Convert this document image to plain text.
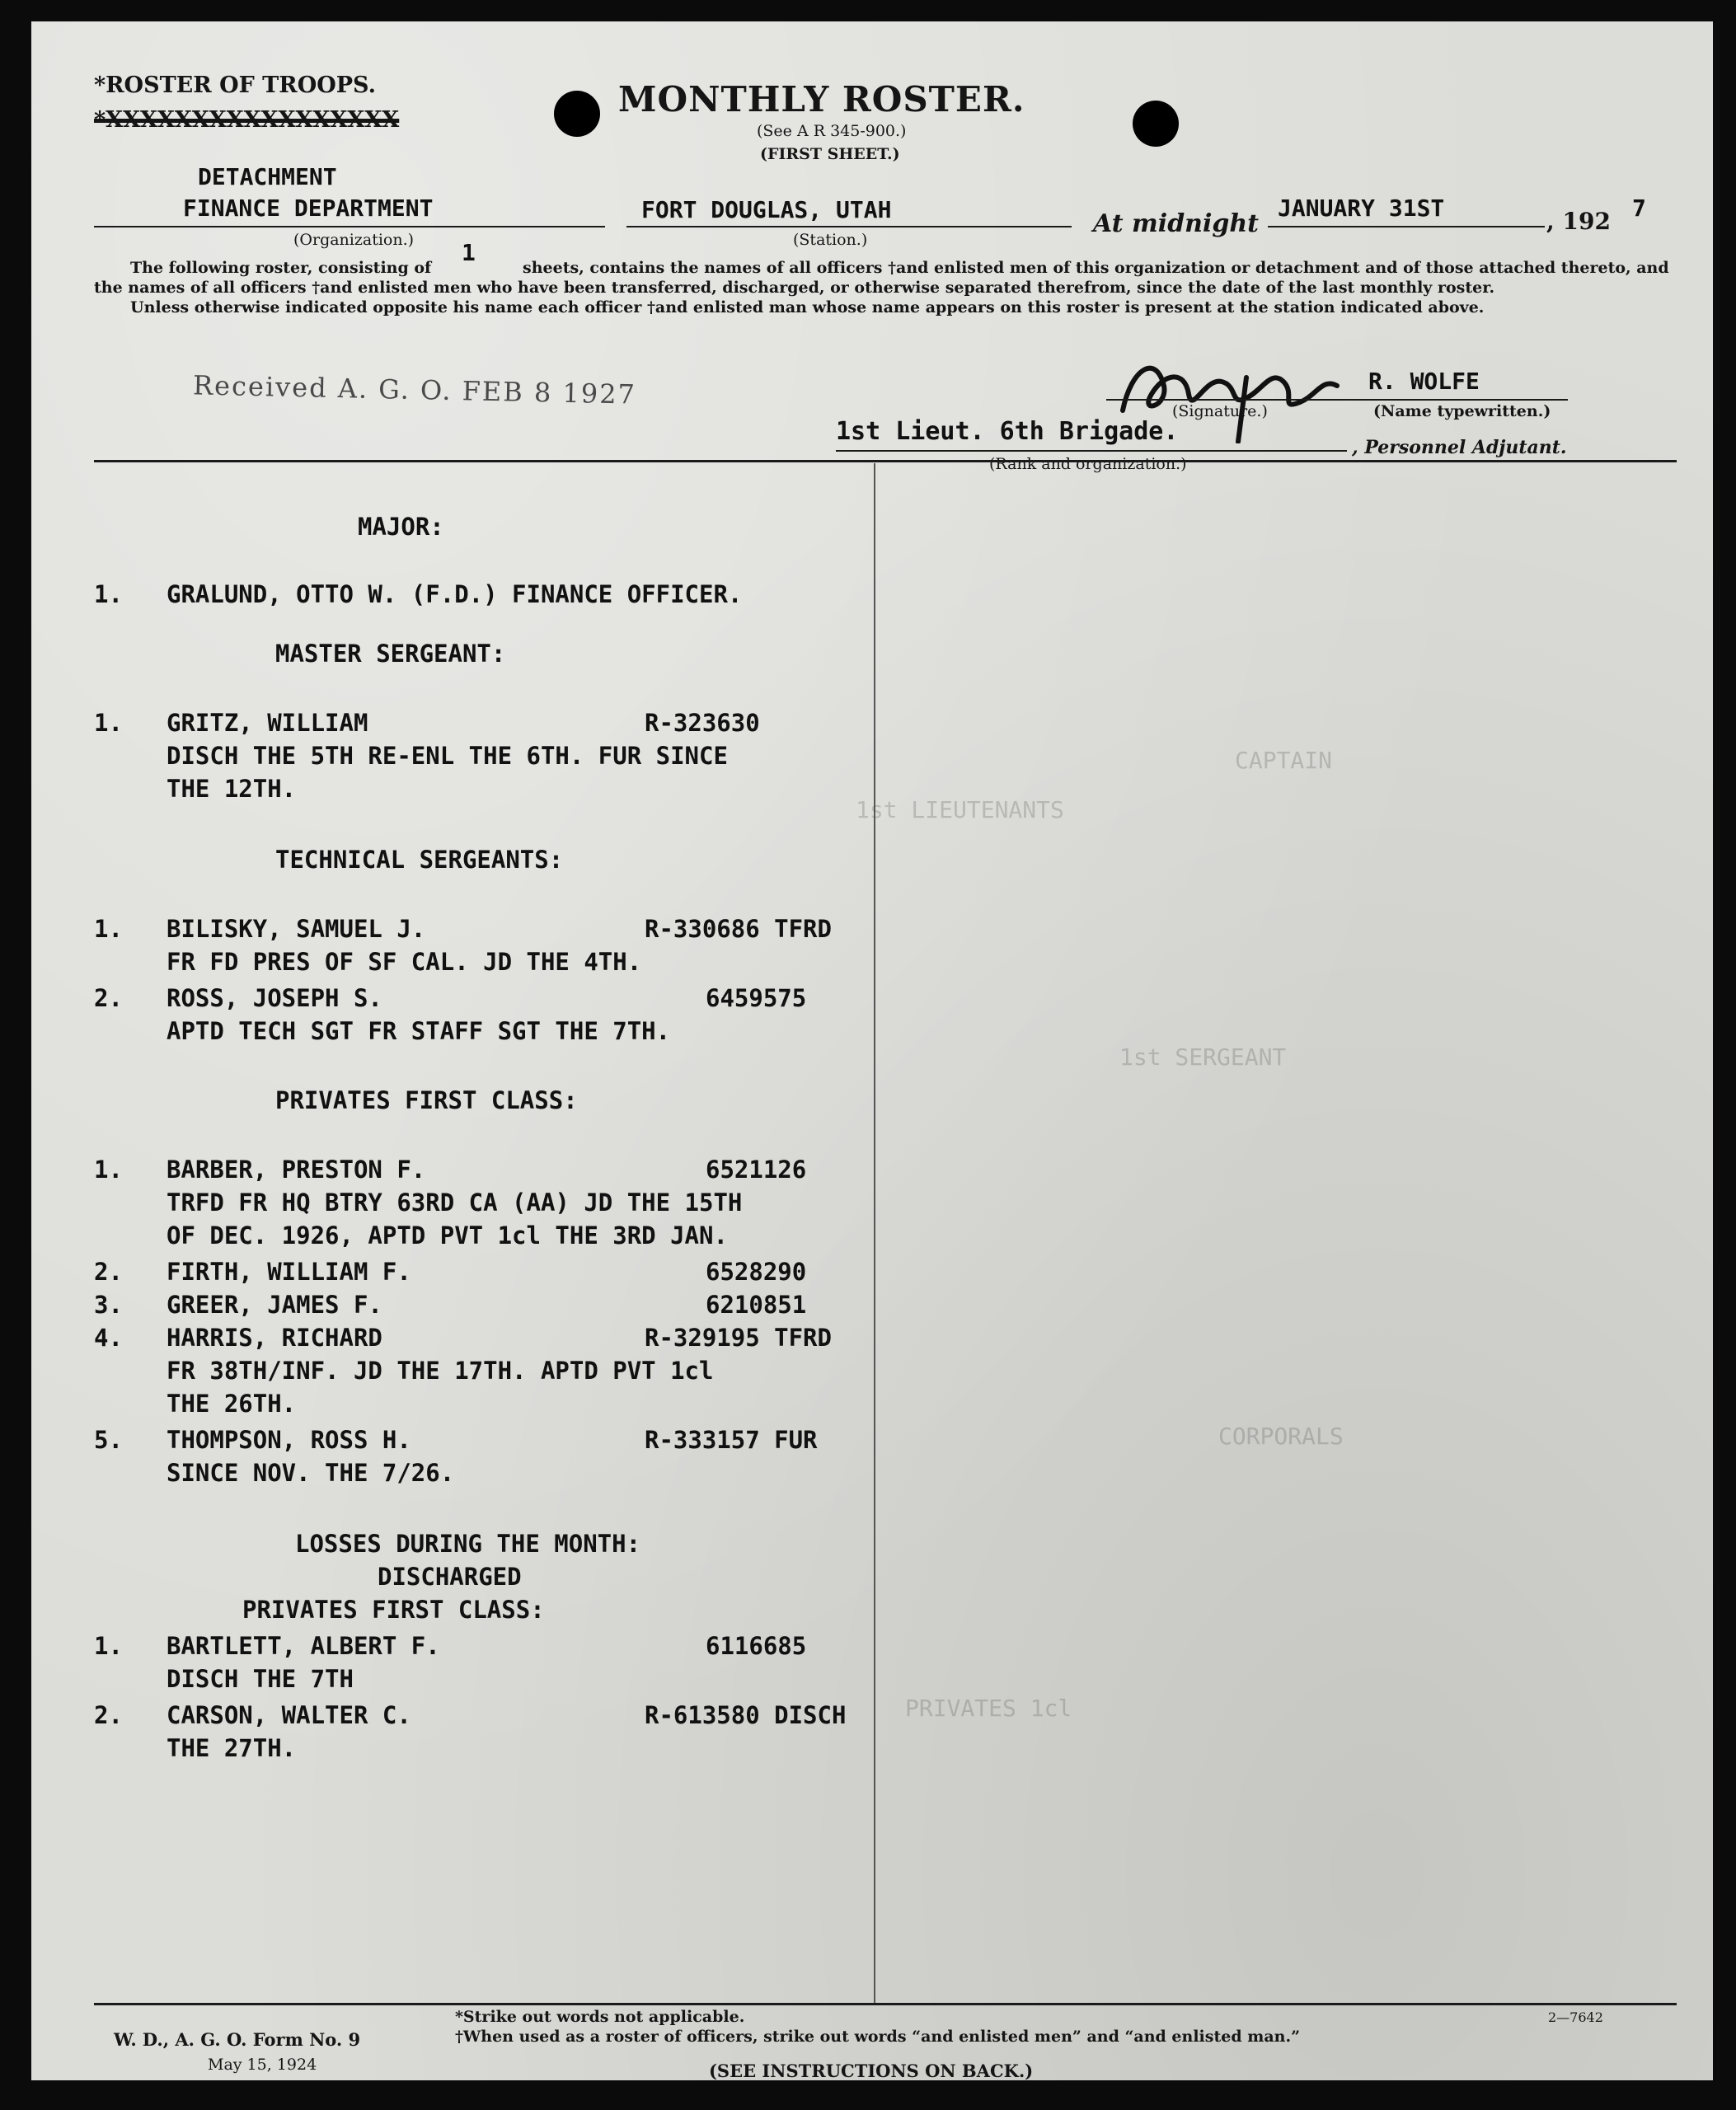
CAPTAIN
1st LIEUTENANTS
1st SERGEANT
CORPORALS
PRIVATES 1cl
*ROSTER OF TROOPS.
*XXXXXXXXXXXXXXXXX
MONTHLY ROSTER.
(See A R 345-900.)
(FIRST SHEET.)
DETACHMENT
FINANCE DEPARTMENT
(Organization.)
FORT DOUGLAS, UTAH
(Station.)
At midnight
JANUARY 31ST	, 192 7
The following roster, consisting of
1
sheets, contains the names of all officers †and enlisted men of this organization or detachment and of those attached thereto, and
the names of all officers †and enlisted men who have been transferred, discharged, or otherwise separated therefrom, since the date of the last monthly roster.
Unless otherwise indicated opposite his name each officer †and enlisted man whose name appears on this roster is present at the station indicated above.
Received A. G. O. FEB 8 1927	R. WOLFE
(Signature.)	(Name typewritten.)
1st Lieut. 6th Brigade.
(Rank and organization.)
, Personnel Adjutant.
MAJOR:
1. GRALUND, OTTO W. (F.D.) FINANCE OFFICER.
MASTER SERGEANT:
1. GRITZ, WILLIAM	R-323630
DISCH THE 5TH RE-ENL THE 6TH. FUR SINCE
THE 12TH.
TECHNICAL SERGEANTS:
1. BILISKY, SAMUEL J.	R-330686 TFRD
FR FD PRES OF SF CAL. JD THE 4TH.
2. ROSS, JOSEPH S.	6459575
APTD TECH SGT FR STAFF SGT THE 7TH.
PRIVATES FIRST CLASS:
1. BARBER, PRESTON F.	6521126
TRFD FR HQ BTRY 63RD CA (AA) JD THE 15TH
OF DEC. 1926, APTD PVT 1cl THE 3RD JAN.
2. FIRTH, WILLIAM F.	6528290
3. GREER, JAMES F.	6210851
4. HARRIS, RICHARD	R-329195 TFRD
FR 38TH/INF. JD THE 17TH. APTD PVT 1cl
THE 26TH.
5. THOMPSON, ROSS H.	R-333157 FUR
SINCE NOV. THE 7/26.
LOSSES DURING THE MONTH:
DISCHARGED
PRIVATES FIRST CLASS:
1. BARTLETT, ALBERT F.	6116685
DISCH THE 7TH
2. CARSON, WALTER C.	R-613580 DISCH
THE 27TH.
*Strike out words not applicable.
†When used as a roster of officers, strike out words “and enlisted men” and “and enlisted man.”
2—7642
W. D., A. G. O. Form No. 9
May 15, 1924	(SEE INSTRUCTIONS ON BACK.)
